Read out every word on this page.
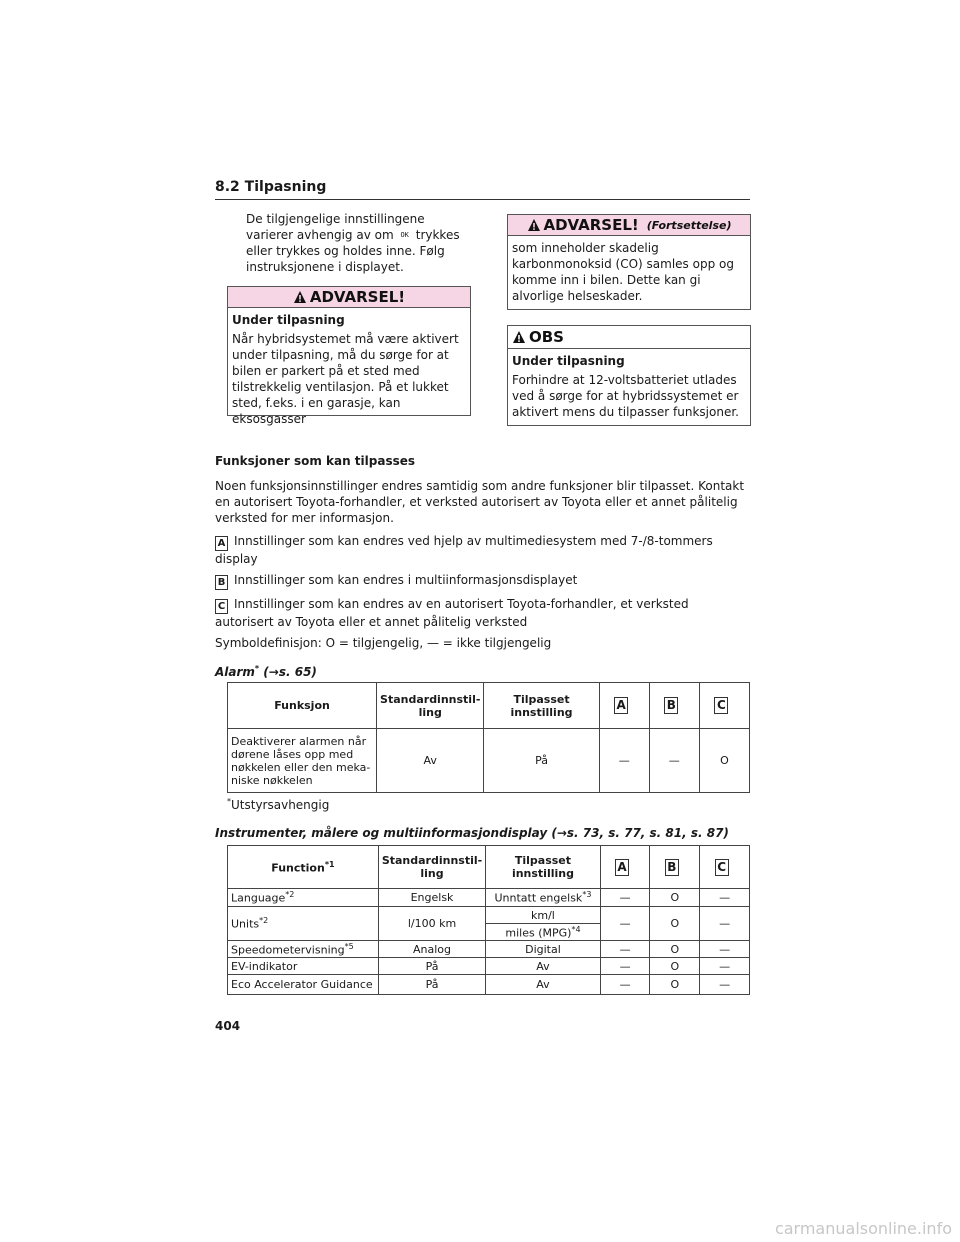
8.2 Tilpasning
De tilgjengelige innstillingene varierer avhengig av om OK trykkes eller trykkes og holdes inne. Følg instruksjonene i displayet.
ADVARSEL!
Under tilpasning
Når hybridsystemet må være aktivert under tilpasning, må du sørge for at bilen er parkert på et sted med tilstrekkelig ventilasjon. På et lukket sted, f.eks. i en garasje, kan eksosgasser
ADVARSEL! (Fortsettelse)
som inneholder skadelig karbonmonoksid (CO) samles opp og komme inn i bilen. Dette kan gi alvorlige helseskader.
OBS
Under tilpasning
Forhindre at 12-voltsbatteriet utlades ved å sørge for at hybridssystemet er aktivert mens du tilpasser funksjoner.
Funksjoner som kan tilpasses
Noen funksjonsinnstillinger endres samtidig som andre funksjoner blir tilpasset. Kontakt en autorisert Toyota-forhandler, et verksted autorisert av Toyota eller et annet pålitelig verksted for mer informasjon.
A Innstillinger som kan endres ved hjelp av multimediesystem med 7-/8-tommers display
B Innstillinger som kan endres i multiinformasjonsdisplayet
C Innstillinger som kan endres av en autorisert Toyota-forhandler, et verksted autorisert av Toyota eller et annet pålitelig verksted
Symboldefinisjon: O = tilgjengelig, — = ikke tilgjengelig
Alarm* (→s. 65)
Funksjon	Standardinnstil-ling	Tilpasset innstilling	A	B	C
Deaktiverer alarmen når dørene låses opp med nøkkelen eller den meka-niske nøkkelen	Av	På	—	—	O
*Utstyrsavhengig
Instrumenter, målere og multiinformasjondisplay (→s. 73, s. 77, s. 81, s. 87)
Function$^{*1}$	Standardinnstil-ling	Tilpasset innstilling	A	B	C
Language$^{*2}$	Engelsk	Unntatt engelsk$^{*3}$	—	O	—
Units$^{*2}$	l/100 km	km/l	—	O	—
		miles (MPG)$^{*4}$
Speedometervisning$^{*5}$	Analog	Digital	—	O	—
EV-indikator	På	Av	—	O	—
Eco Accelerator Guidance	På	Av	—	O	—
404
carmanualsonline.info
